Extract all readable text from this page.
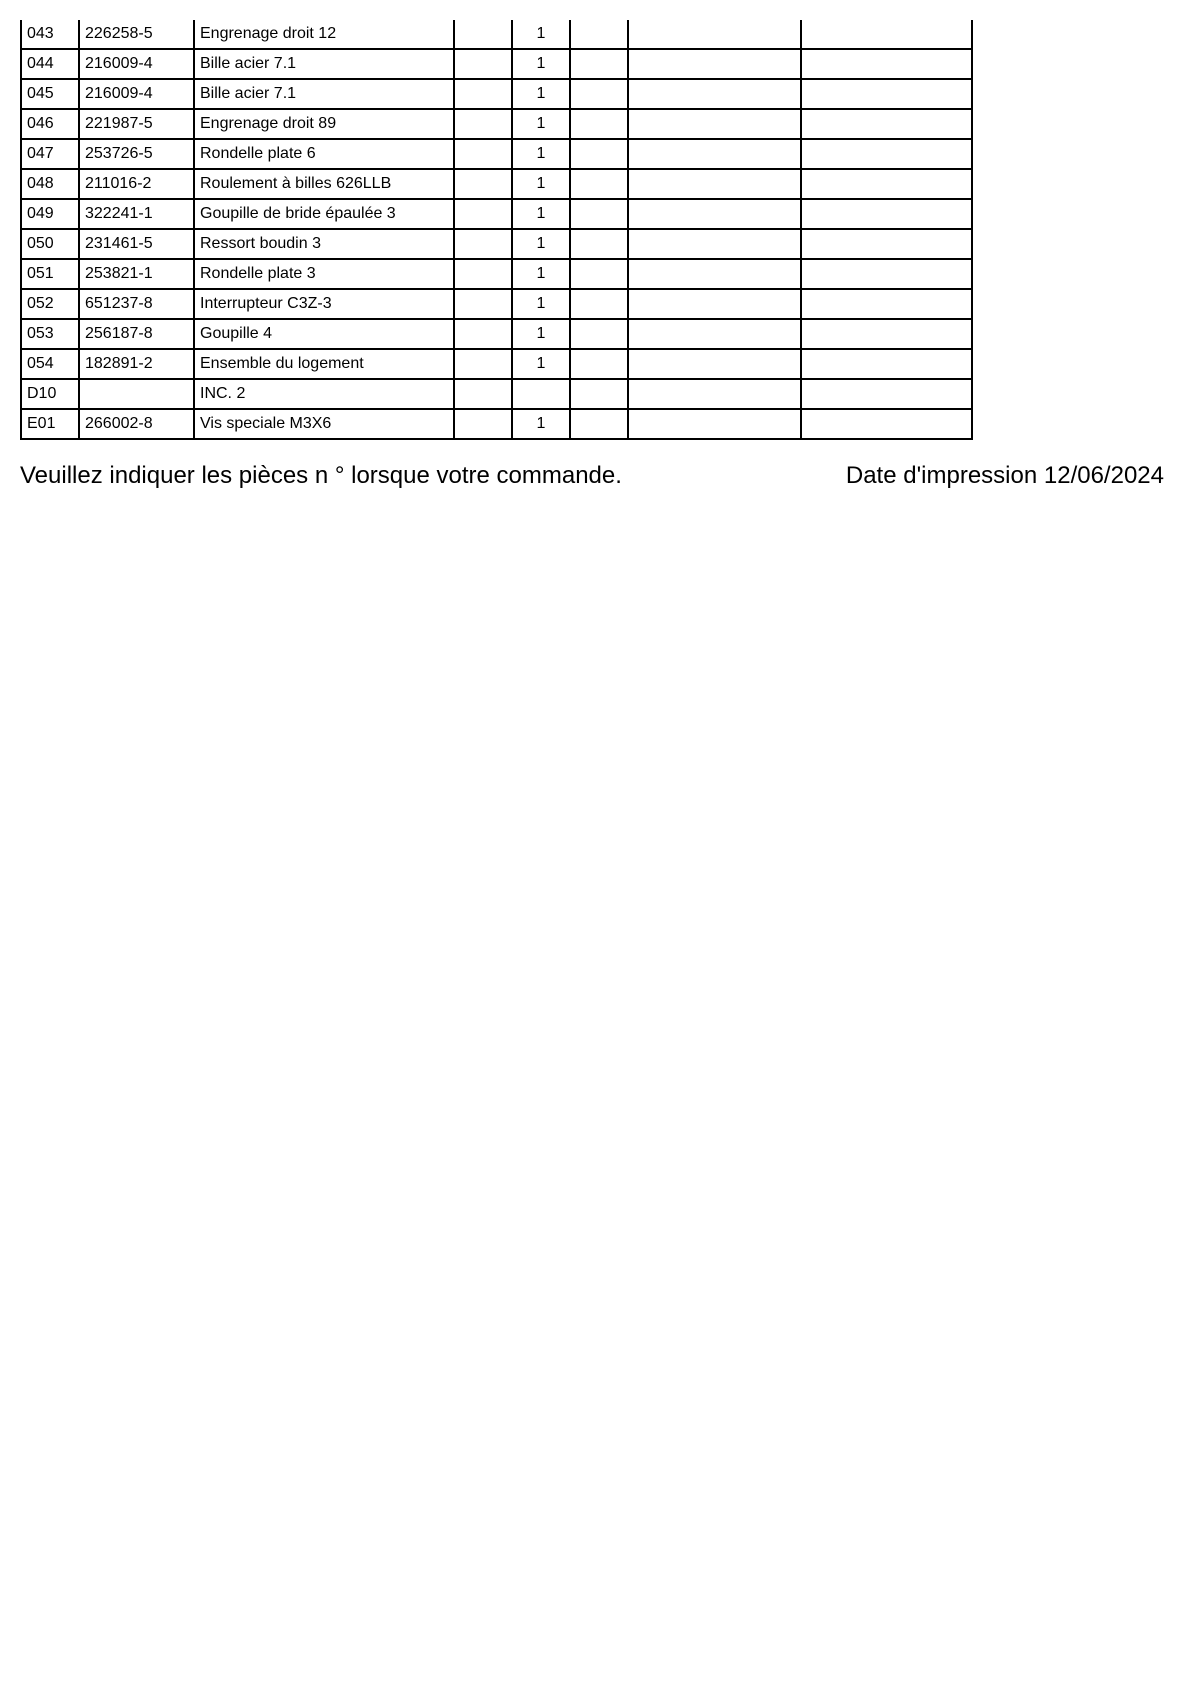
043	226258-5	Engrenage droit 12		1			
044	216009-4	Bille acier 7.1		1			
045	216009-4	Bille acier 7.1		1			
046	221987-5	Engrenage droit 89		1			
047	253726-5	Rondelle plate 6		1			
048	211016-2	Roulement à billes 626LLB		1			
049	322241-1	Goupille de bride épaulée 3		1			
050	231461-5	Ressort boudin 3		1			
051	253821-1	Rondelle plate 3		1			
052	651237-8	Interrupteur C3Z-3		1			
053	256187-8	Goupille 4		1			
054	182891-2	Ensemble du logement		1			
D10		INC. 2					
E01	266002-8	Vis speciale M3X6		1			
Veuillez indiquer les pièces n ° lorsque votre commande.	Date d'impression 12/06/2024
